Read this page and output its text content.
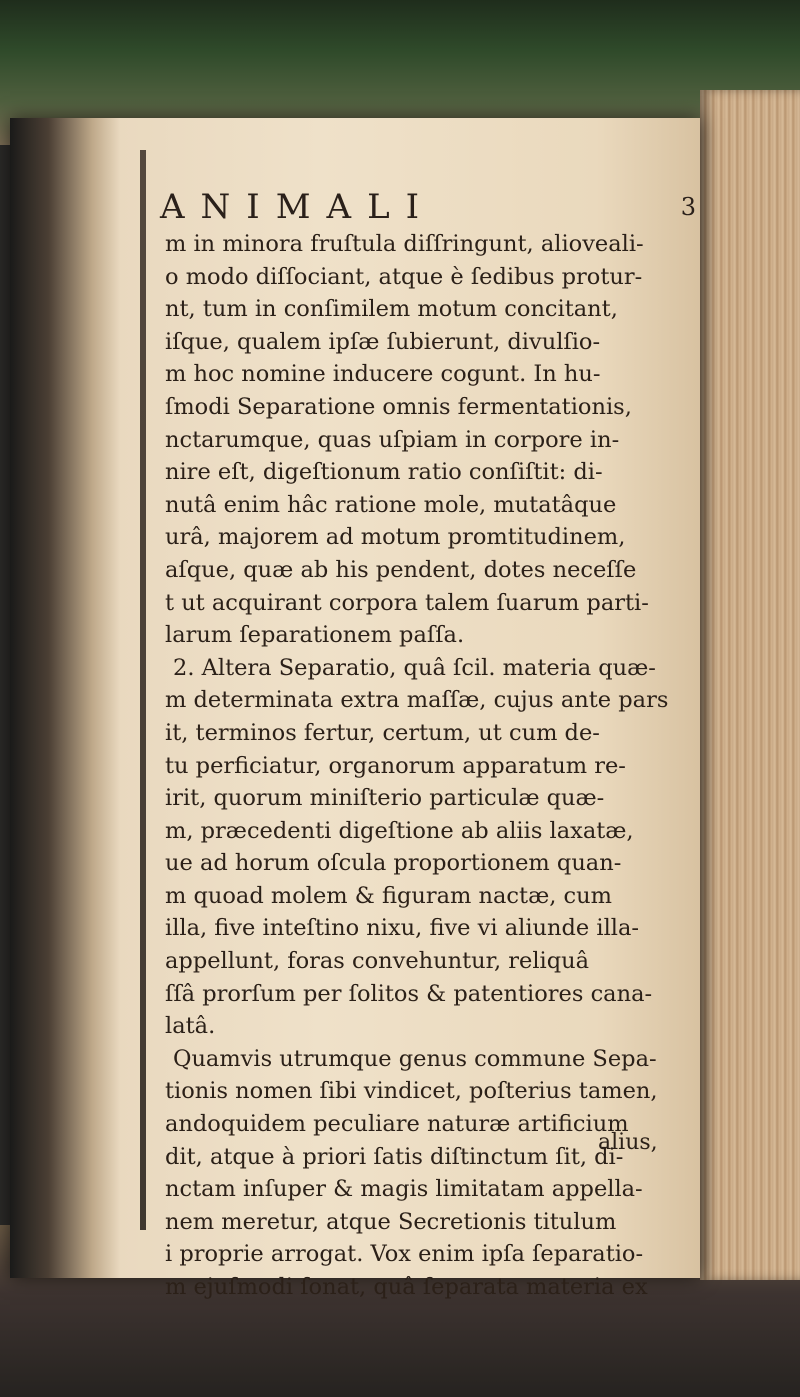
ANIMALI	3
m in minora fruſtula diſſringunt, alioveali-
o modo diſſociant, atque è ſedibus protur-
nt, tum in conſimilem motum concitant,
iſque, qualem ipſæ ſubierunt, divulſio-
m hoc nomine inducere cogunt. In hu-
ſmodi Separatione omnis fermentationis,
nctarumque, quas uſpiam in corpore in-
nire eſt, digeſtionum ratio conſiſtit: di-
nutâ enim hâc ratione mole, mutatâque
urâ, majorem ad motum promtitudinem,
aſque, quæ ab his pendent, dotes neceſſe
t ut acquirant corpora talem ſuarum parti-
larum ſeparationem paſſa.
2. Altera Separatio, quâ ſcil. materia quæ-
m determinata extra maſſæ, cujus ante pars
it, terminos fertur, certum, ut cum de-
tu perficiatur, organorum apparatum re-
irit, quorum miniſterio particulæ quæ-
m, præcedenti digeſtione ab aliis laxatæ,
ue ad horum oſcula proportionem quan-
m quoad molem & figuram nactæ, cum
illa, five inteſtino nixu, five vi aliunde illa-
appellunt, foras convehuntur, reliquâ
ſſâ prorſum per ſolitos & patentiores cana-
latâ.
Quamvis utrumque genus commune Sepa-
tionis nomen ſibi vindicet, poſterius tamen,
andoquidem peculiare naturæ artificium
dit, atque à priori ſatis diſtinctum ſit, di-
nctam inſuper & magis limitatam appella-
nem meretur, atque Secretionis titulum
i proprie arrogat. Vox enim ipſa ſeparatio-
m ejuſmodi ſonat, quâ ſeparata materia ex
alius,
